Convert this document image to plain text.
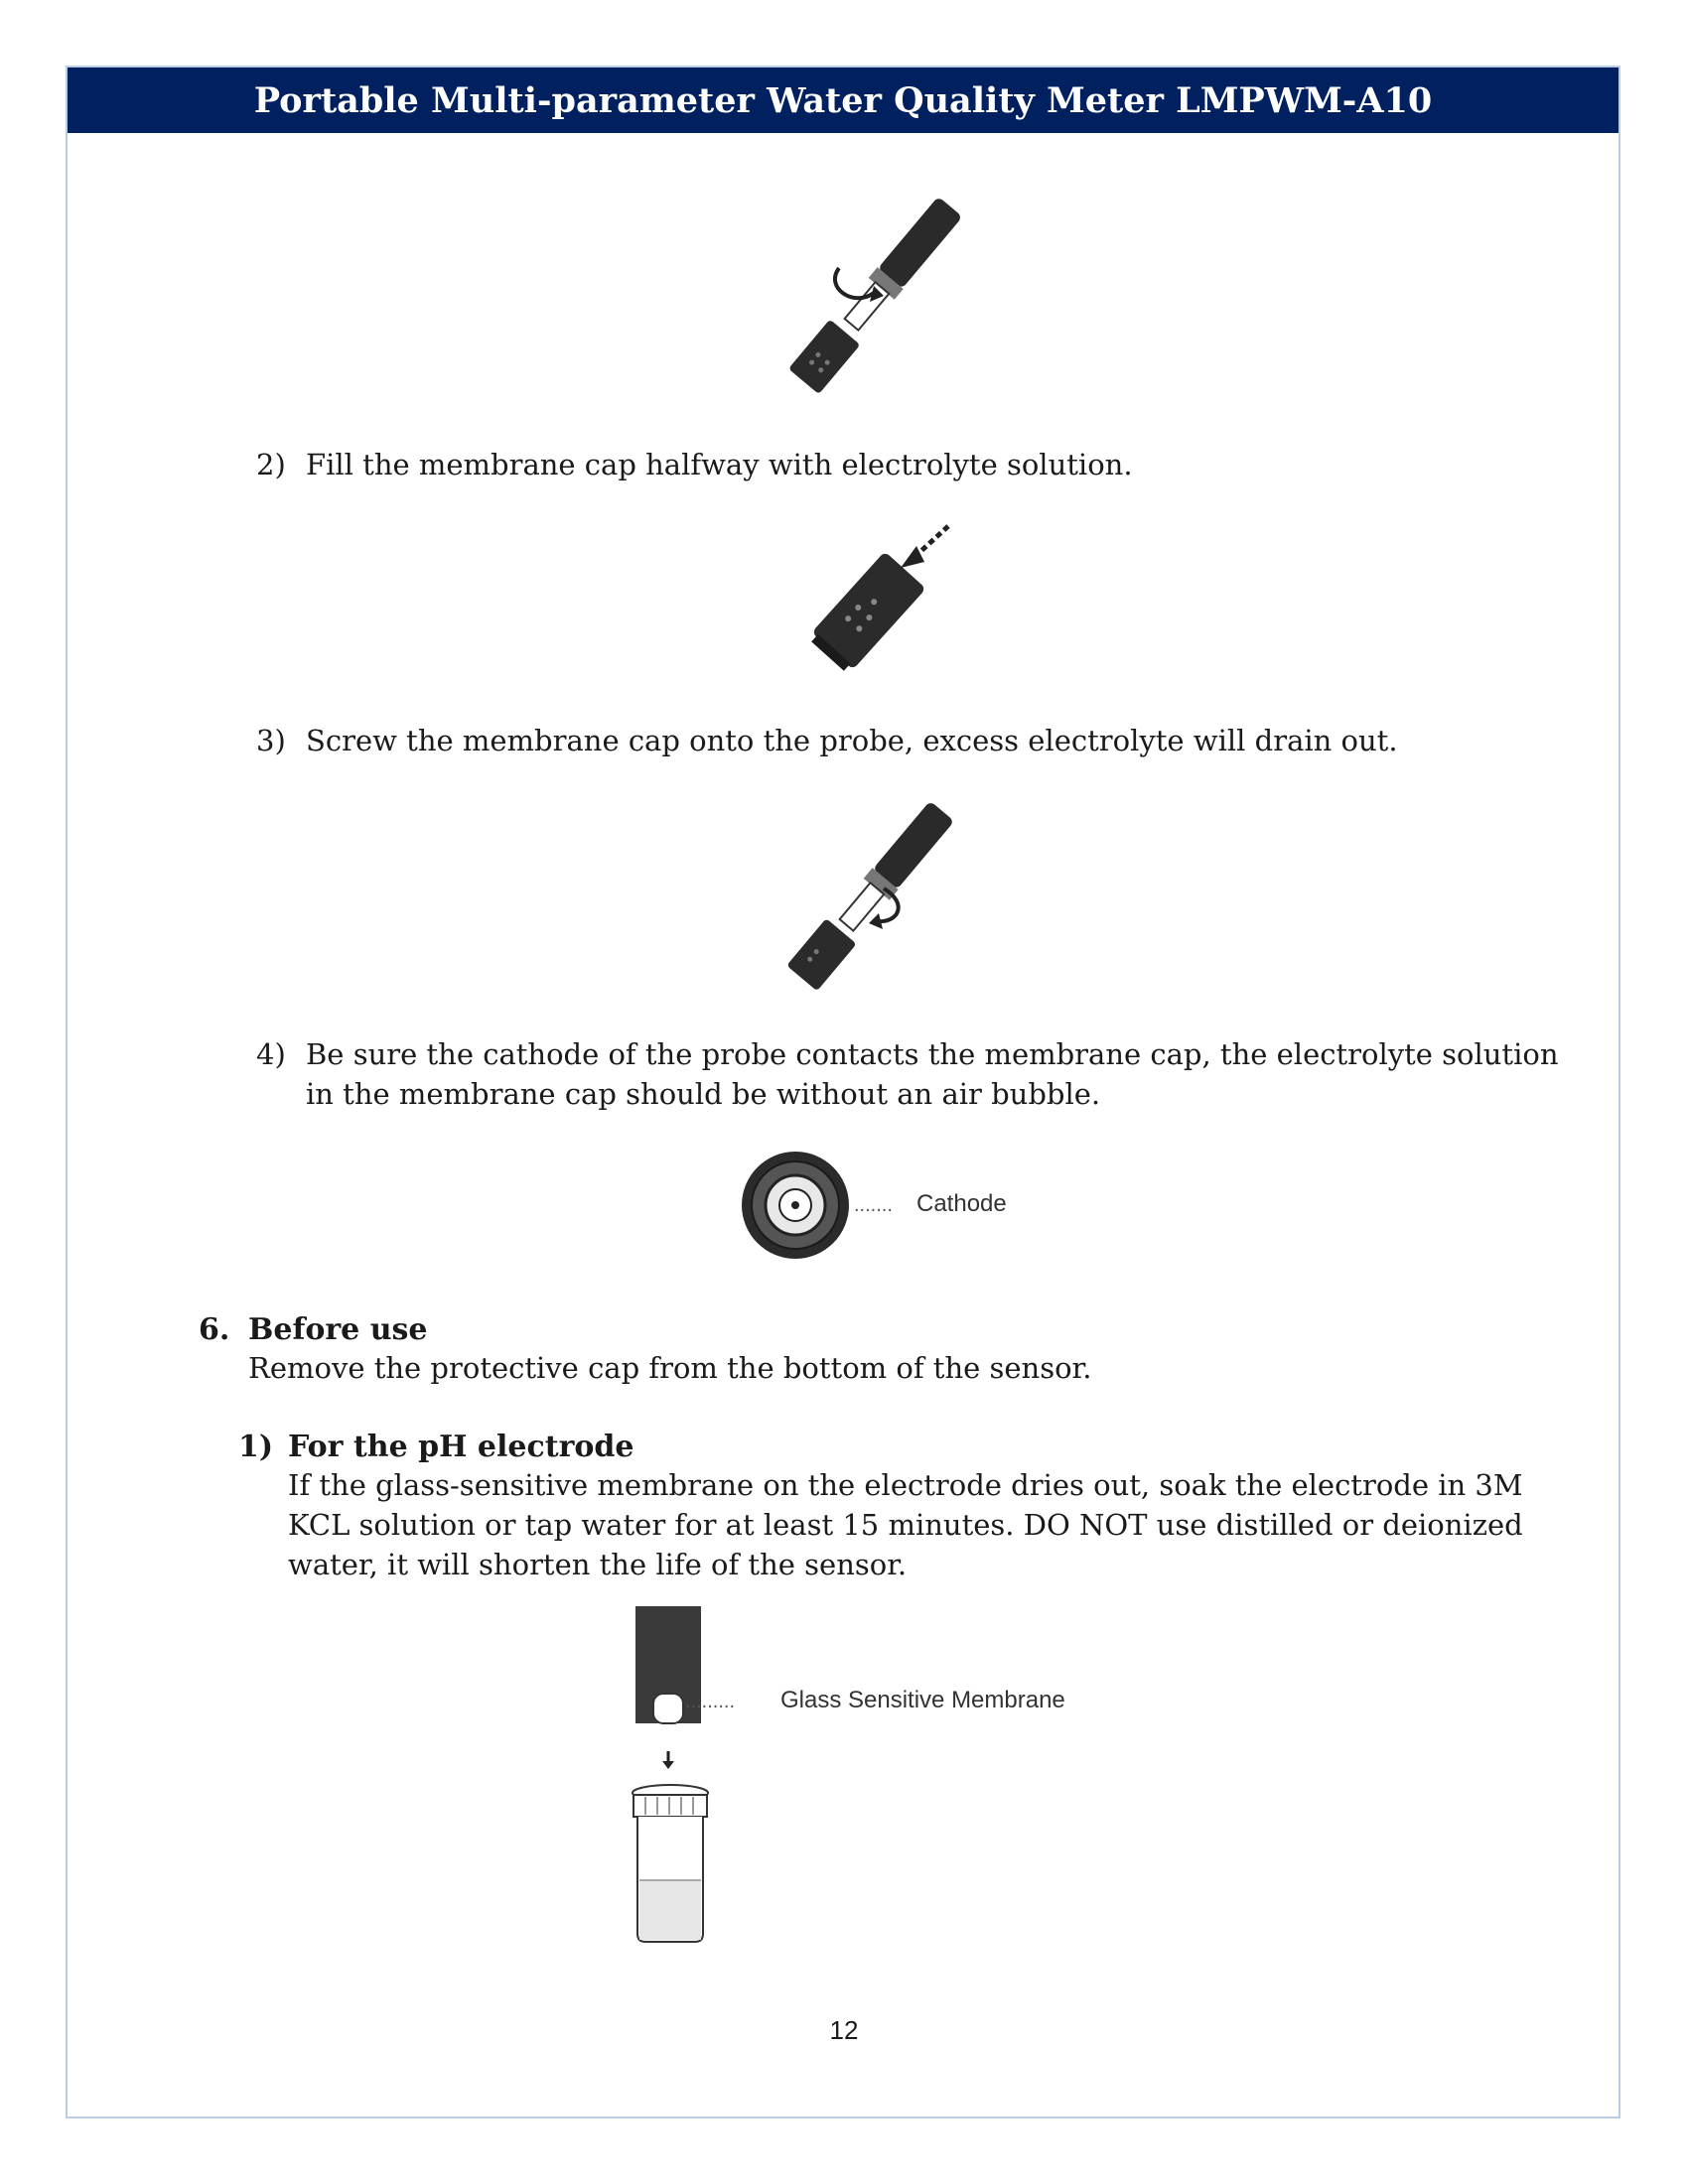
Portable Multi-parameter Water Quality Meter LMPWM-A10
2) Fill the membrane cap halfway with electrolyte solution.
3) Screw the membrane cap onto the probe, excess electrolyte will drain out.
4) Be sure the cathode of the probe contacts the membrane cap, the electrolyte solution
in the membrane cap should be without an air bubble.
....... Cathode
6. Before use
Remove the protective cap from the bottom of the sensor.
1) For the pH electrode
If the glass-sensitive membrane on the electrode dries out, soak the electrode in 3M
KCL solution or tap water for at least 15 minutes. DO NOT use distilled or deionized
water, it will shorten the life of the sensor.
......... Glass Sensitive Membrane
12
